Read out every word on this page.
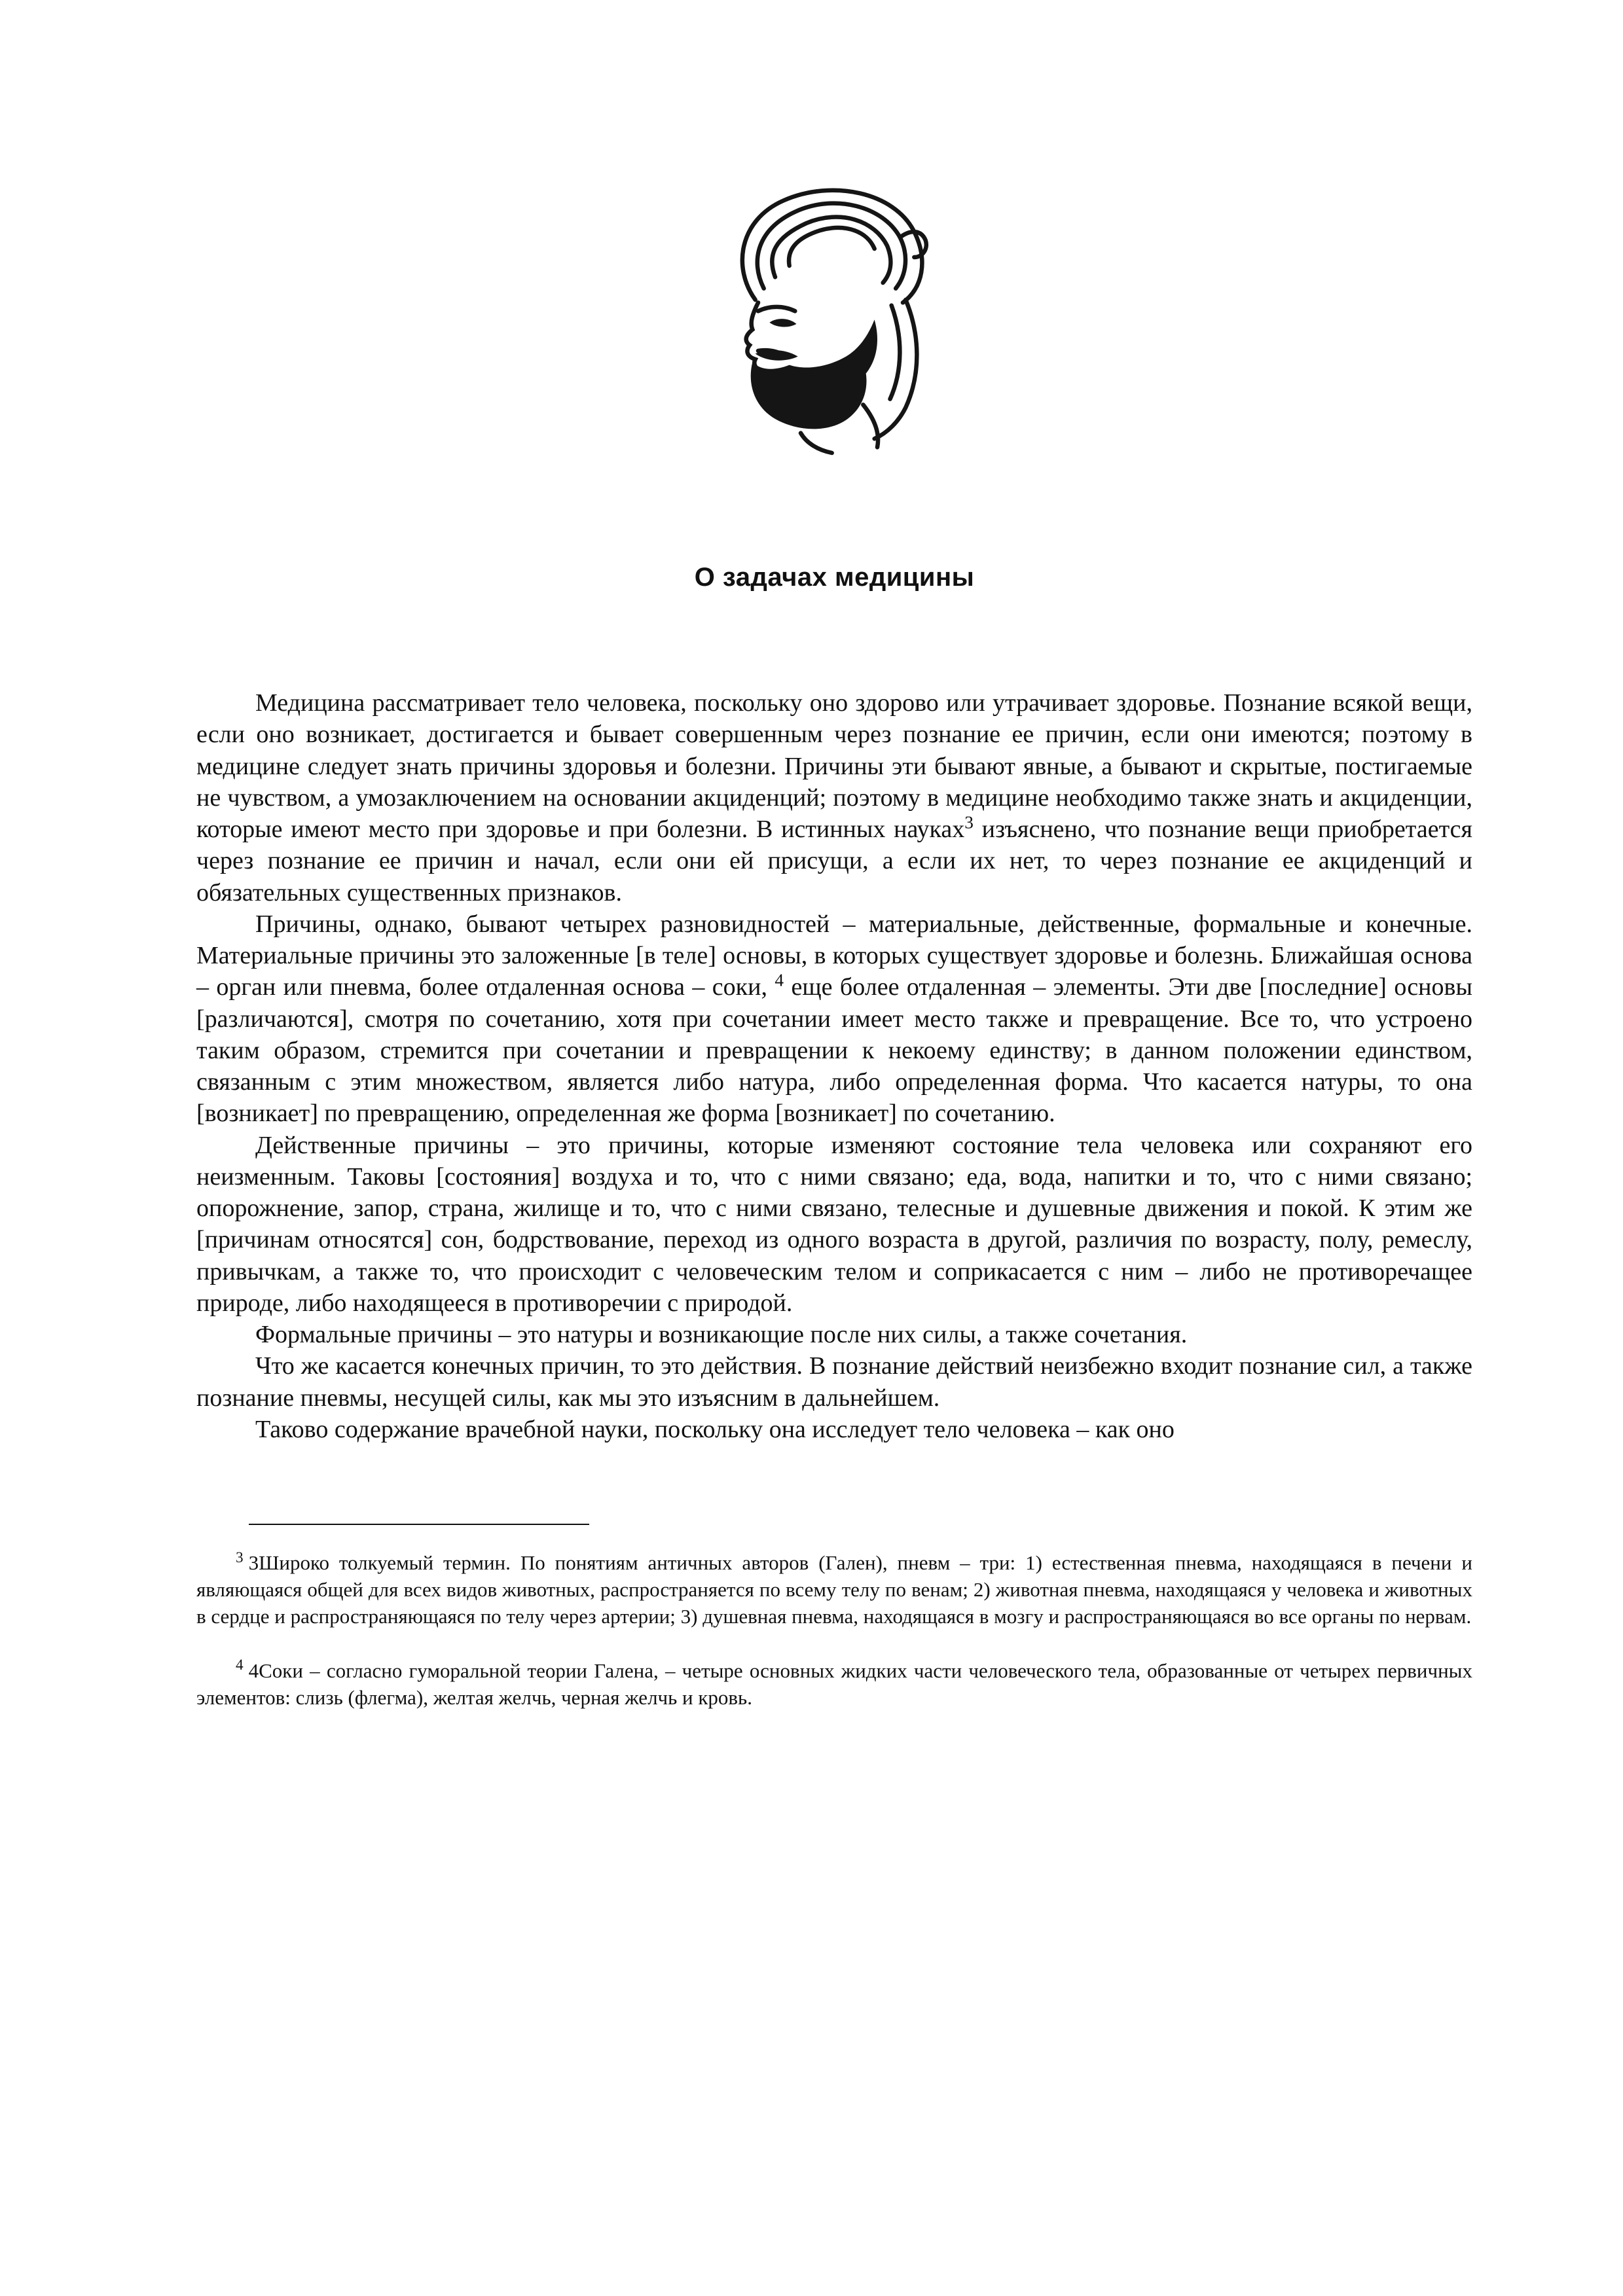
О задачах медицины

Медицина рассматривает тело человека, поскольку оно здорово или утрачивает здоровье. Познание всякой вещи, если оно возникает, достигается и бывает совершенным через познание ее причин, если они имеются; поэтому в медицине следует знать причины здоровья и болезни. Причины эти бывают явные, а бывают и скрытые, постигаемые не чувством, а умозаключением на основании акциденций; поэтому в медицине необходимо также знать и акциденции, которые имеют место при здоровье и при болезни. В истинных науках$^3$ изъяснено, что познание вещи приобретается через познание ее причин и начал, если они ей присущи, а если их нет, то через познание ее акциденций и обязательных существенных признаков.

Причины, однако, бывают четырех разновидностей – материальные, действенные, формальные и конечные. Материальные причины это заложенные [в теле] основы, в которых существует здоровье и болезнь. Ближайшая основа – орган или пневма, более отдаленная основа – соки, $^4$ еще более отдаленная – элементы. Эти две [последние] основы [различаются], смотря по сочетанию, хотя при сочетании имеет место также и превращение. Все то, что устроено таким образом, стремится при сочетании и превращении к некоему единству; в данном положении единством, связанным с этим множеством, является либо натура, либо определенная форма. Что касается натуры, то она [возникает] по превращению, определенная же форма [возникает] по сочетанию.

Действенные причины – это причины, которые изменяют состояние тела человека или сохраняют его неизменным. Таковы [состояния] воздуха и то, что с ними связано; еда, вода, напитки и то, что с ними связано; опорожнение, запор, страна, жилище и то, что с ними связано, телесные и душевные движения и покой. К этим же [причинам относятся] сон, бодрствование, переход из одного возраста в другой, различия по возрасту, полу, ремеслу, привычкам, а также то, что происходит с человеческим телом и соприкасается с ним – либо не противоречащее природе, либо находящееся в противоречии с природой.

Формальные причины – это натуры и возникающие после них силы, а также сочетания.

Что же касается конечных причин, то это действия. В познание действий неизбежно входит познание сил, а также познание пневмы, несущей силы, как мы это изъясним в дальнейшем.

Таково содержание врачебной науки, поскольку она исследует тело человека – как оно

$^3$ 3Широко толкуемый термин. По понятиям античных авторов (Гален), пневм – три: 1) естественная пневма, находящаяся в печени и являющаяся общей для всех видов животных, распространяется по всему телу по венам; 2) животная пневма, находящаяся у человека и животных в сердце и распространяющаяся по телу через артерии; 3) душевная пневма, находящаяся в мозгу и распространяющаяся во все органы по нервам.

$^4$ 4Соки – согласно гуморальной теории Галена, – четыре основных жидких части человеческого тела, образованные от четырех первичных элементов: слизь (флегма), желтая желчь, черная желчь и кровь.
